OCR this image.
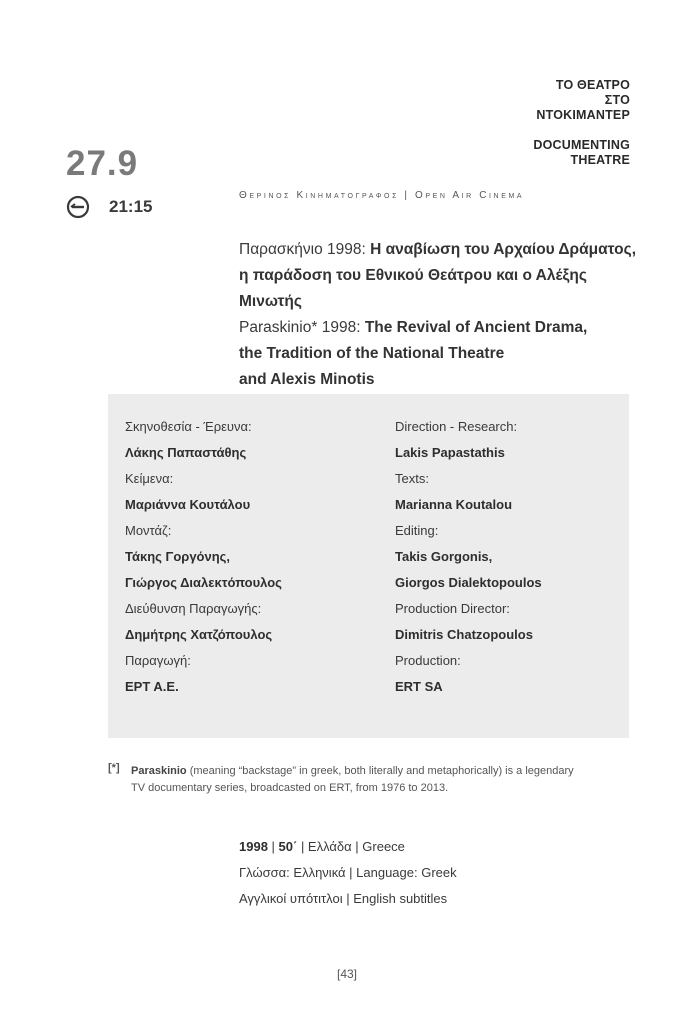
ΤΟ ΘΕΑΤΡΟ
ΣΤΟ
ΝΤΟΚΙΜΑΝΤΕΡ
DOCUMENTING
THEATRE
27.9
21:15
Θερινος Κινηματογραφος | Open Air Cinema
Παρασκήνιο 1998: Η αναβίωση του Αρχαίου Δράματος,
η παράδοση του Εθνικού Θεάτρου και ο Αλέξης Μινωτής
Paraskinio* 1998: The Revival of Ancient Drama,
the Tradition of the National Theatre
and Alexis Minotis
Σκηνοθεσία - Έρευνα:
Λάκης Παπαστάθης
Κείμενα:
Μαριάννα Κουτάλου
Μοντάζ:
Τάκης Γοργόνης,
Γιώργος Διαλεκτόπουλος
Διεύθυνση Παραγωγής:
Δημήτρης Χατζόπουλος
Παραγωγή:
ΕΡΤ Α.Ε.
Direction - Research:
Lakis Papastathis
Texts:
Marianna Koutalou
Editing:
Takis Gorgonis,
Giorgos Dialektopoulos
Production Director:
Dimitris Chatzopoulos
Production:
ERT SA
[*] Paraskinio (meaning “backstage” in greek, both literally and metaphorically) is a legendary
TV documentary series, broadcasted on ERT, from 1976 to 2013.
1998 | 50΄ | Ελλάδα | Greece
Γλώσσα: Ελληνικά | Language: Greek
Αγγλικοί υπότιτλοι | English subtitles
[43]
